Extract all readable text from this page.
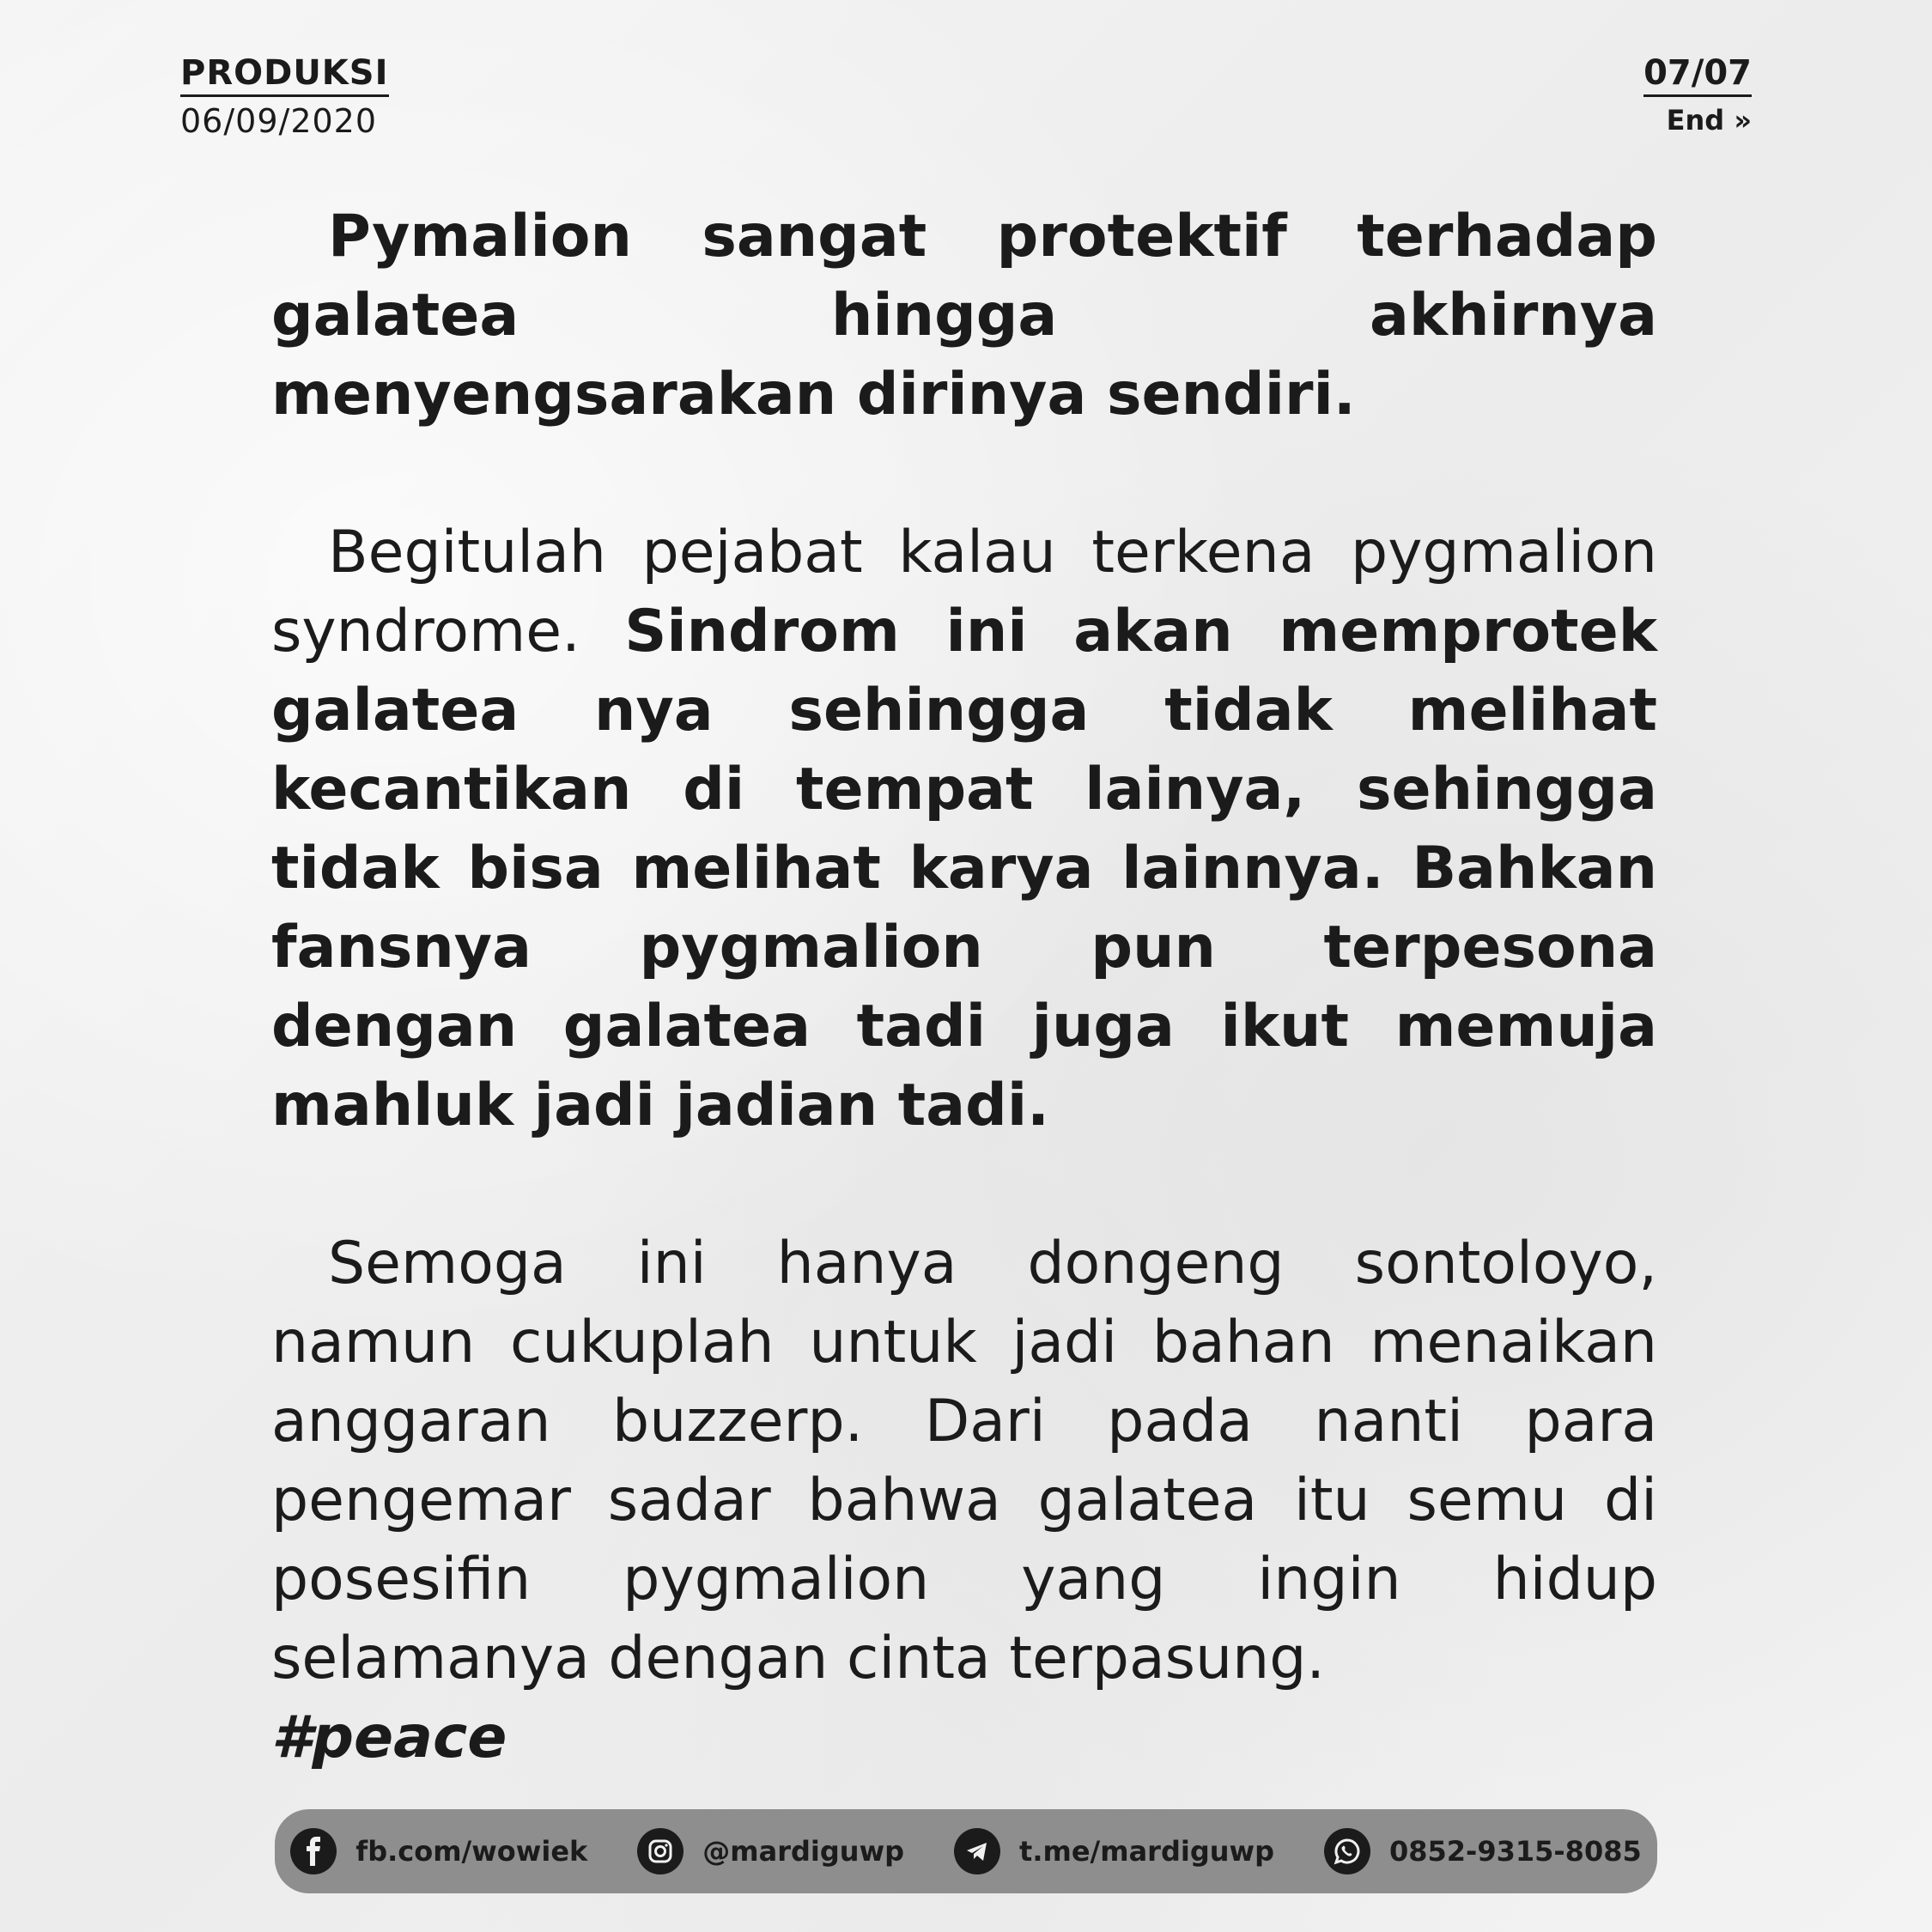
PRODUKSI
06/09/2020
07/07
End »

Pymalion sangat protektif terhadap galatea hingga akhirnya menyengsarakan dirinya sendiri.

Begitulah pejabat kalau terkena pygmalion syndrome. Sindrom ini akan memprotek galatea nya sehingga tidak melihat kecantikan di tempat lainya, sehingga tidak bisa melihat karya lainnya. Bahkan fansnya pygmalion pun terpesona dengan galatea tadi juga ikut memuja mahluk jadi jadian tadi.

Semoga ini hanya dongeng sontoloyo, namun cukuplah untuk jadi bahan menaikan anggaran buzzerp. Dari pada nanti para pengemar sadar bahwa galatea itu semu di posesifin pygmalion yang ingin hidup selamanya dengan cinta terpasung.

#peace

fb.com/wowiek	@mardiguwp	t.me/mardiguwp	0852-9315-8085
